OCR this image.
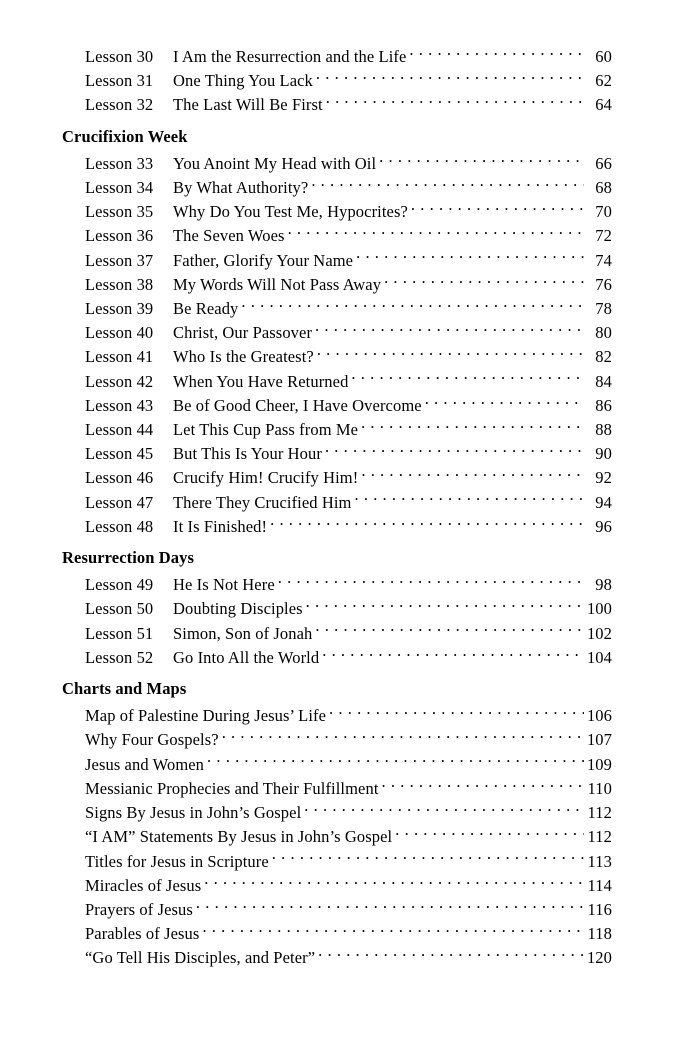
Lesson 30	I Am the Resurrection and the Life . . .	60
Lesson 31	One Thing You Lack . . .	62
Lesson 32	The Last Will Be First . . .	64
Crucifixion Week
Lesson 33	You Anoint My Head with Oil . . .	66
Lesson 34	By What Authority? . . .	68
Lesson 35	Why Do You Test Me, Hypocrites? . . .	70
Lesson 36	The Seven Woes . . .	72
Lesson 37	Father, Glorify Your Name . . .	74
Lesson 38	My Words Will Not Pass Away . . .	76
Lesson 39	Be Ready . . .	78
Lesson 40	Christ, Our Passover . . .	80
Lesson 41	Who Is the Greatest? . . .	82
Lesson 42	When You Have Returned . . .	84
Lesson 43	Be of Good Cheer, I Have Overcome . . .	86
Lesson 44	Let This Cup Pass from Me . . .	88
Lesson 45	But This Is Your Hour . . .	90
Lesson 46	Crucify Him! Crucify Him! . . .	92
Lesson 47	There They Crucified Him . . .	94
Lesson 48	It Is Finished! . . .	96
Resurrection Days
Lesson 49	He Is Not Here . . .	98
Lesson 50	Doubting Disciples . . .	100
Lesson 51	Simon, Son of Jonah . . .	102
Lesson 52	Go Into All the World . . .	104
Charts and Maps
Map of Palestine During Jesus’ Life . . .	106
Why Four Gospels? . . .	107
Jesus and Women . . .	109
Messianic Prophecies and Their Fulfillment . . .	110
Signs By Jesus in John’s Gospel . . .	112
“I AM” Statements By Jesus in John’s Gospel . . .	112
Titles for Jesus in Scripture . . .	113
Miracles of Jesus . . .	114
Prayers of Jesus . . .	116
Parables of Jesus . . .	118
“Go Tell His Disciples, and Peter” . . .	120
